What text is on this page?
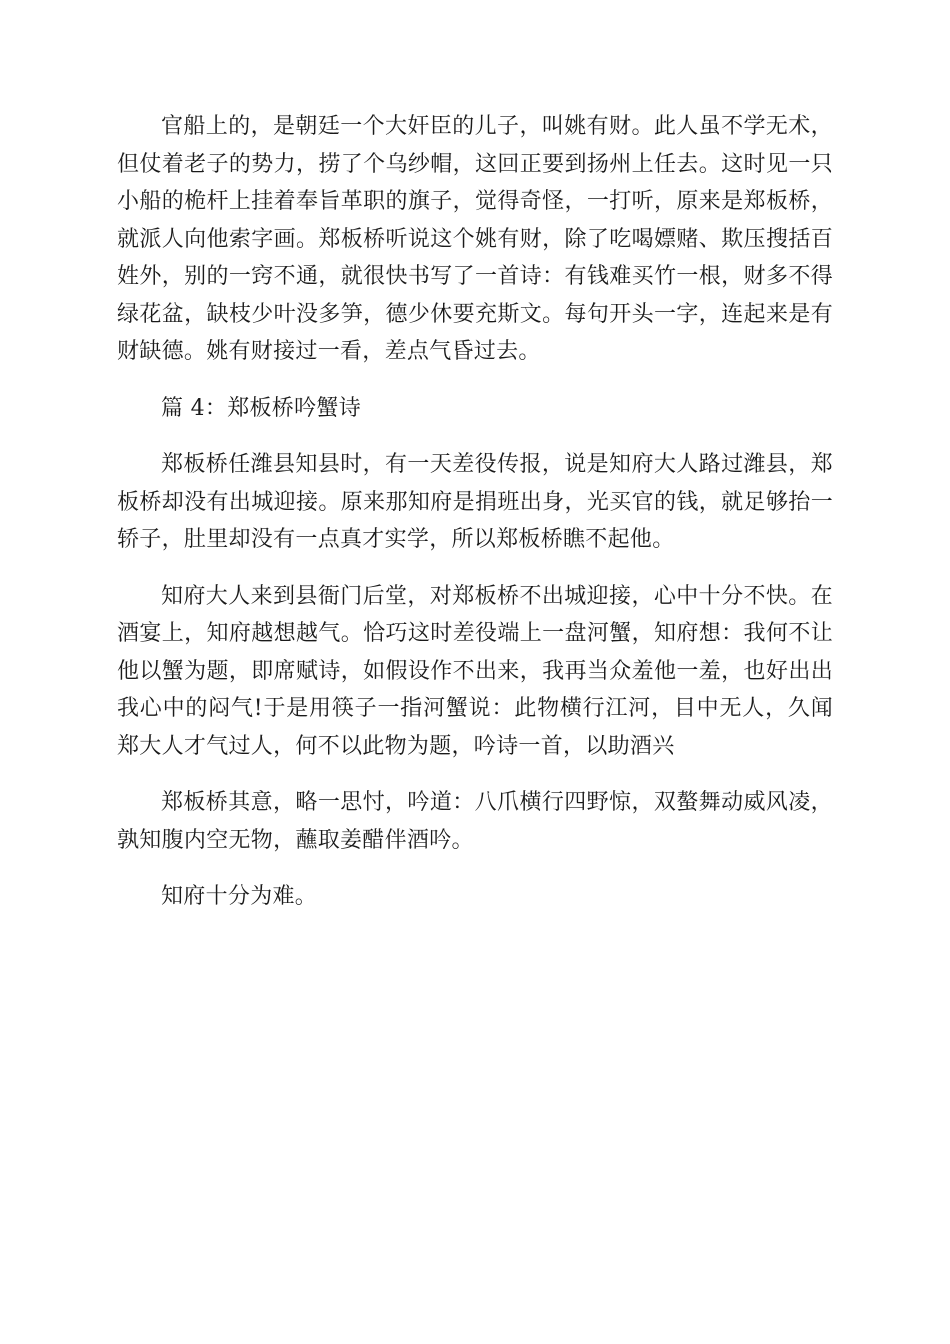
官船上的，是朝廷一个大奸臣的儿子，叫姚有财。此人虽不学无术，但仗着老子的势力，捞了个乌纱帽，这回正要到扬州上任去。这时见一只小船的桅杆上挂着奉旨革职的旗子，觉得奇怪，一打听，原来是郑板桥，就派人向他索字画。郑板桥听说这个姚有财，除了吃喝嫖赌、欺压搜括百姓外，别的一窍不通，就很快书写了一首诗：有钱难买竹一根，财多不得绿花盆，缺枝少叶没多笋，德少休要充斯文。每句开头一字，连起来是有财缺德。姚有财接过一看，差点气昏过去。

篇 4：郑板桥吟蟹诗

郑板桥任潍县知县时，有一天差役传报，说是知府大人路过潍县，郑板桥却没有出城迎接。原来那知府是捐班出身，光买官的钱，就足够抬一轿子，肚里却没有一点真才实学，所以郑板桥瞧不起他。

知府大人来到县衙门后堂，对郑板桥不出城迎接，心中十分不快。在酒宴上，知府越想越气。恰巧这时差役端上一盘河蟹，知府想：我何不让他以蟹为题，即席赋诗，如假设作不出来，我再当众羞他一羞，也好出出我心中的闷气!于是用筷子一指河蟹说：此物横行江河，目中无人，久闻郑大人才气过人，何不以此物为题，吟诗一首，以助酒兴

郑板桥其意，略一思忖，吟道：八爪横行四野惊，双螯舞动威风凌，孰知腹内空无物，蘸取姜醋伴酒吟。

知府十分为难。
